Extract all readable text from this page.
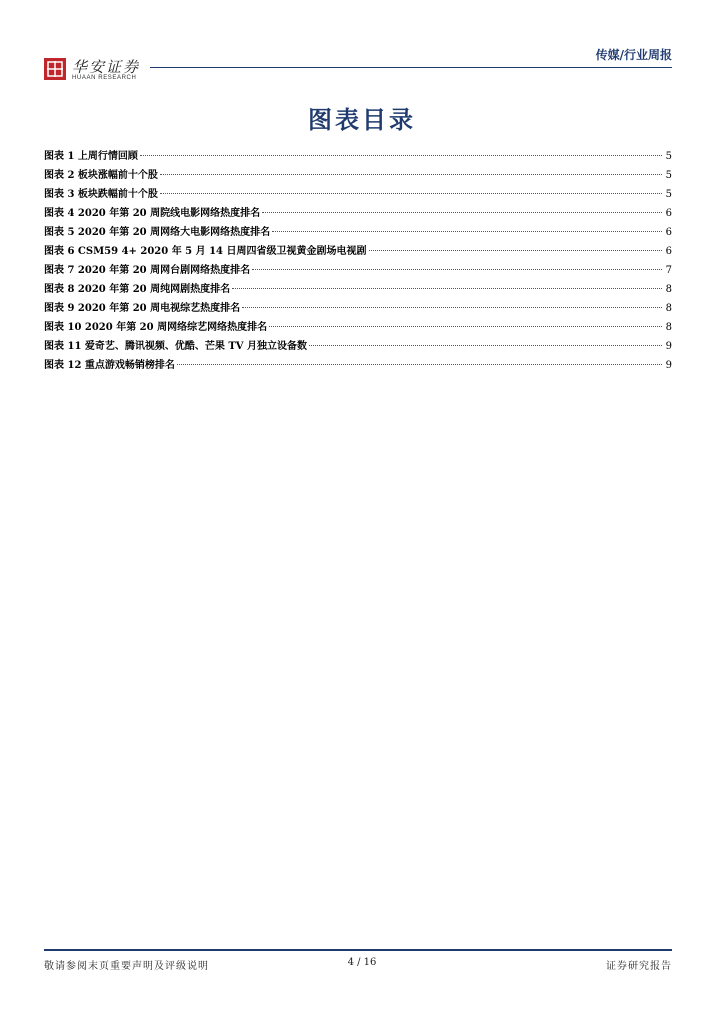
华安证券
HUAAN RESEARCH
传媒/行业周报
图表目录
图表 1 上周行情回顾	5
图表 2 板块涨幅前十个股	5
图表 3 板块跌幅前十个股	5
图表 4 2020 年第 20 周院线电影网络热度排名	6
图表 5 2020 年第 20 周网络大电影网络热度排名	6
图表 6 CSM59 4+ 2020 年 5 月 14 日周四省级卫视黄金剧场电视剧	6
图表 7 2020 年第 20 周网台剧网络热度排名	7
图表 8 2020 年第 20 周纯网剧热度排名	8
图表 9 2020 年第 20 周电视综艺热度排名	8
图表 10 2020 年第 20 周网络综艺网络热度排名	8
图表 11 爱奇艺、腾讯视频、优酷、芒果 TV 月独立设备数	9
图表 12 重点游戏畅销榜排名	9
敬请参阅末页重要声明及评级说明	4 / 16	证券研究报告
